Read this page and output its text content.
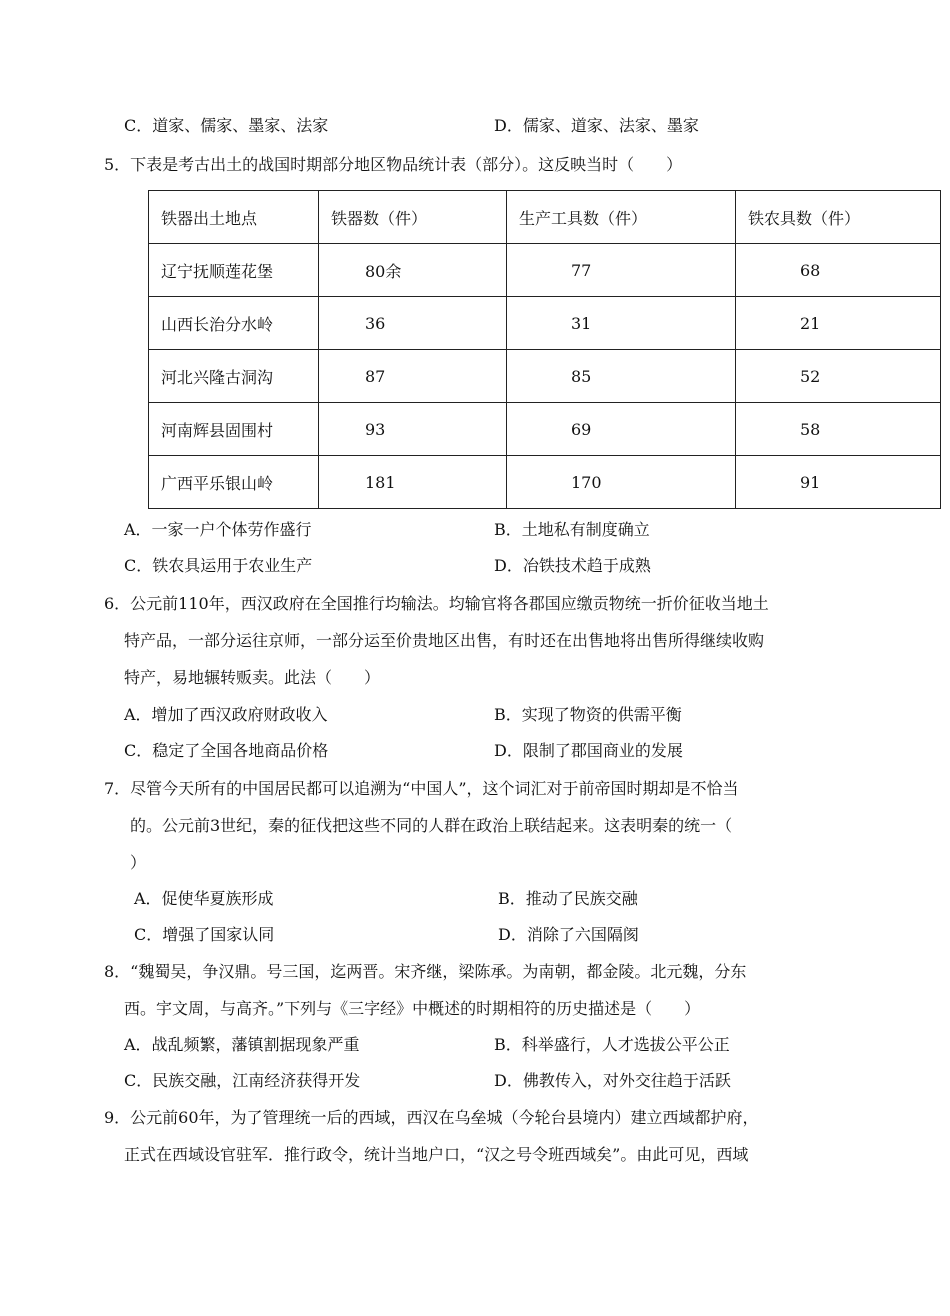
C．道家、儒家、墨家、法家	D．儒家、道家、法家、墨家
5．下表是考古出土的战国时期部分地区物品统计表（部分）。这反映当时（　　）
铁器出土地点	铁器数（件）	生产工具数（件）	铁农具数（件）
辽宁抚顺莲花堡	80余	77	68
山西长治分水岭	36	31	21
河北兴隆古洞沟	87	85	52
河南辉县固围村	93	69	58
广西平乐银山岭	181	170	91
A．一家一户个体劳作盛行	B．土地私有制度确立
C．铁农具运用于农业生产	D．冶铁技术趋于成熟
6．公元前110年，西汉政府在全国推行均输法。均输官将各郡国应缴贡物统一折价征收当地土
特产品，一部分运往京师，一部分运至价贵地区出售，有时还在出售地将出售所得继续收购
特产，易地辗转贩卖。此法（　　）
A．增加了西汉政府财政收入	B．实现了物资的供需平衡
C．稳定了全国各地商品价格	D．限制了郡国商业的发展
7．尽管今天所有的中国居民都可以追溯为“中国人”，这个词汇对于前帝国时期却是不恰当
的。公元前3世纪，秦的征伐把这些不同的人群在政治上联结起来。这表明秦的统一（
）
A．促使华夏族形成	B．推动了民族交融
C．增强了国家认同	D．消除了六国隔阂
8．“魏蜀吴，争汉鼎。号三国，迄两晋。宋齐继，梁陈承。为南朝，都金陵。北元魏，分东
西。宇文周，与高齐。”下列与《三字经》中概述的时期相符的历史描述是（　　）
A．战乱频繁，藩镇割据现象严重	B．科举盛行，人才选拔公平公正
C．民族交融，江南经济获得开发	D．佛教传入，对外交往趋于活跃
9．公元前60年，为了管理统一后的西域，西汉在乌垒城（今轮台县境内）建立西域都护府，
正式在西域设官驻军．推行政令，统计当地户口，“汉之号令班西域矣”。由此可见，西域
